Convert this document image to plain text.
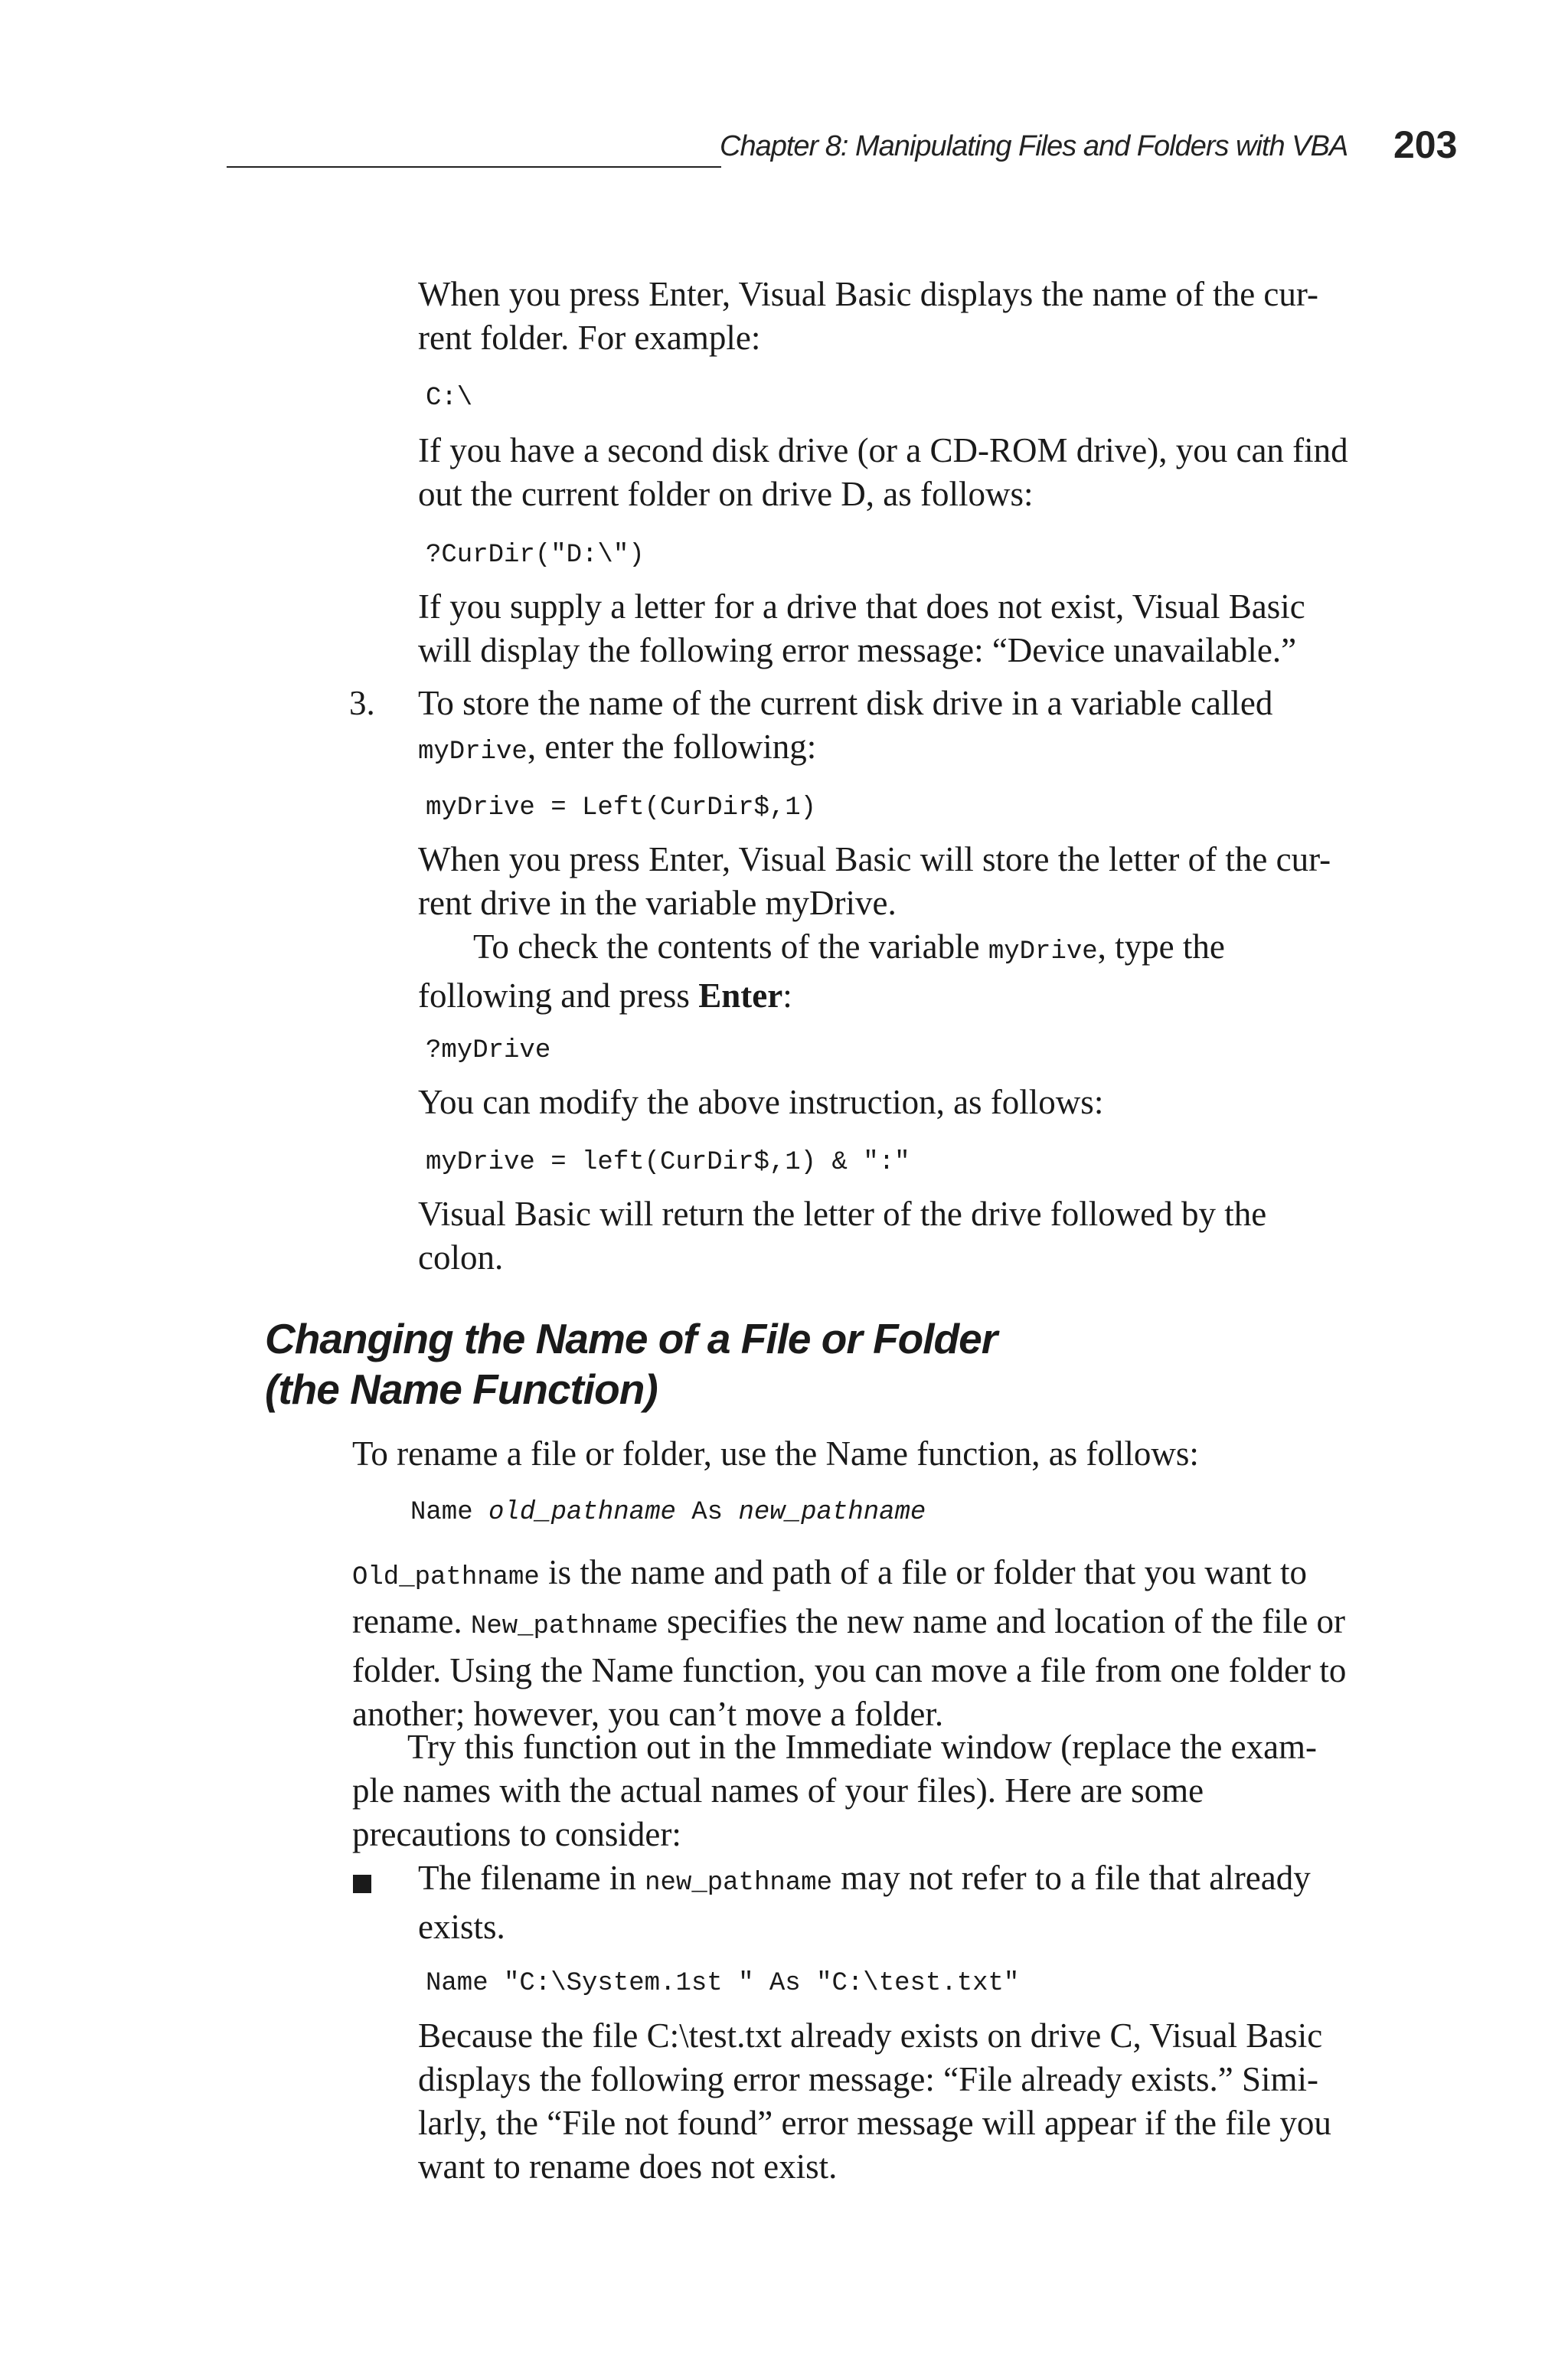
Chapter 8: Manipulating Files and Folders with VBA 203

When you press Enter, Visual Basic displays the name of the cur-
rent folder. For example:

C:\

If you have a second disk drive (or a CD-ROM drive), you can find
out the current folder on drive D, as follows:

?CurDir("D:\")

If you supply a letter for a drive that does not exist, Visual Basic
will display the following error message: “Device unavailable.”

3. To store the name of the current disk drive in a variable called
myDrive, enter the following:

myDrive = Left(CurDir$,1)

When you press Enter, Visual Basic will store the letter of the cur-
rent drive in the variable myDrive.
To check the contents of the variable myDrive, type the
following and press Enter:

?myDrive

You can modify the above instruction, as follows:

myDrive = left(CurDir$,1) & ":"

Visual Basic will return the letter of the drive followed by the
colon.

Changing the Name of a File or Folder
(the Name Function)

To rename a file or folder, use the Name function, as follows:

Name old_pathname As new_pathname

Old_pathname is the name and path of a file or folder that you want to
rename. New_pathname specifies the new name and location of the file or
folder. Using the Name function, you can move a file from one folder to
another; however, you can’t move a folder.

Try this function out in the Immediate window (replace the exam-
ple names with the actual names of your files). Here are some
precautions to consider:

The filename in new_pathname may not refer to a file that already
exists.

Name "C:\System.1st " As "C:\test.txt"

Because the file C:\test.txt already exists on drive C, Visual Basic
displays the following error message: “File already exists.” Simi-
larly, the “File not found” error message will appear if the file you
want to rename does not exist.
